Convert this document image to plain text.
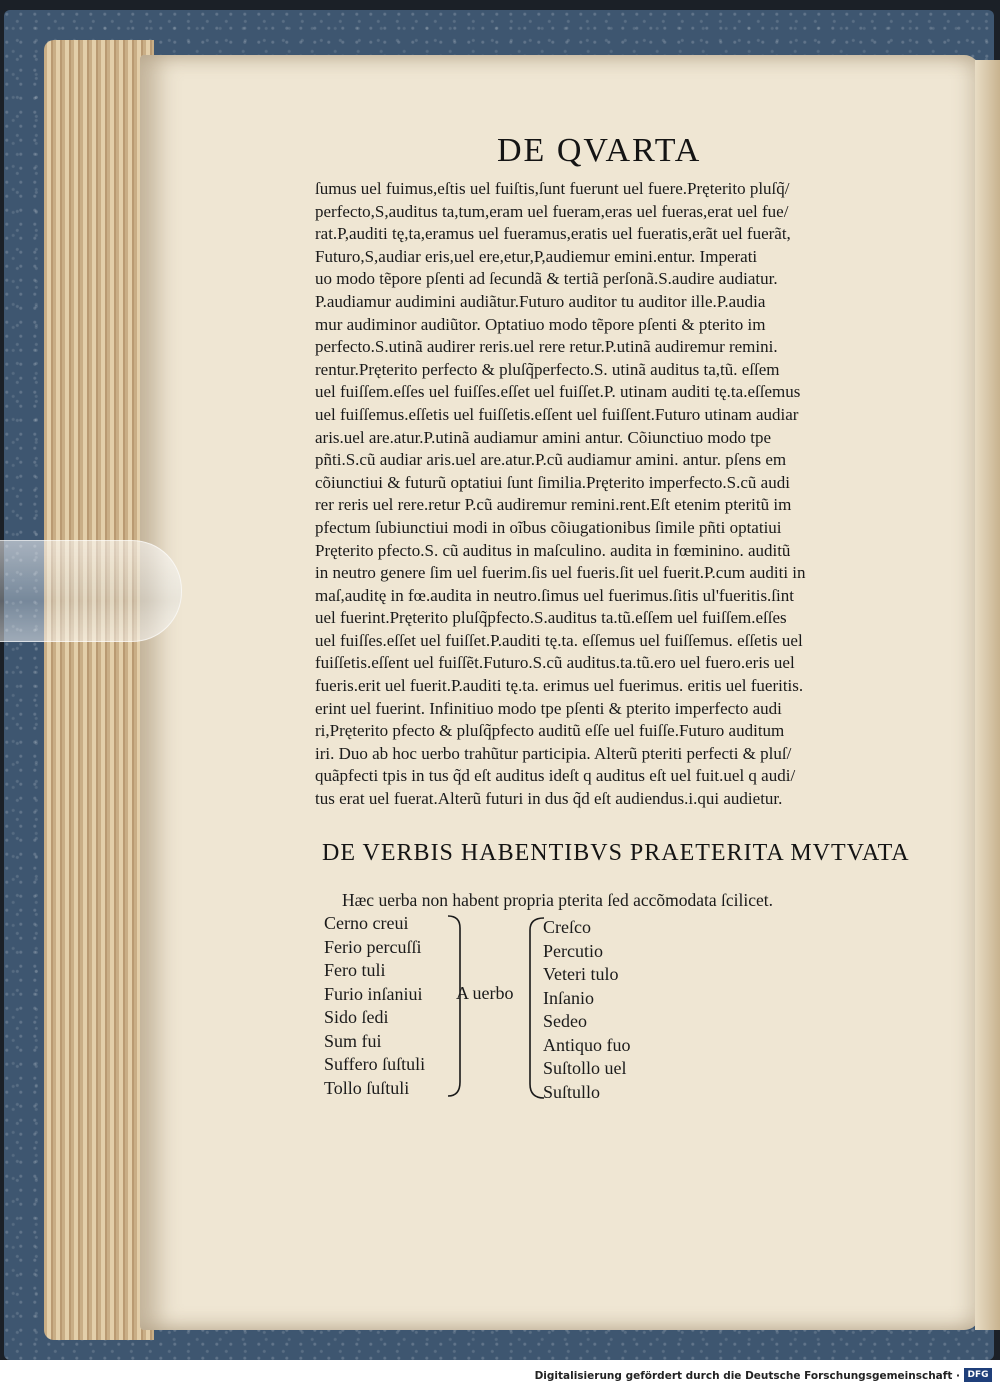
DE QVARTA
ſumus uel fuimus,eſtis uel fuiſtis,ſunt fuerunt uel fuere.Pręterito pluſq̃/
perfecto,S,auditus ta,tum,eram uel fueram,eras uel fueras,erat uel fue/
rat.P,auditi tę,ta,eramus uel fueramus,eratis uel fueratis,erãt uel fuerãt,
Futuro,S,audiar eris,uel ere,etur,P,audiemur emini.entur. Imperati
uo modo tẽpore pſenti ad ſecundã & tertiã perſonã.S.audire audiatur.
P.audiamur audimini audiãtur.Futuro auditor tu auditor ille.P.audia
mur audiminor audiũtor. Optatiuo modo tẽpore pſenti & pterito im
perfecto.S.utinã audirer reris.uel rere retur.P.utinã audiremur remini.
rentur.Pręterito perfecto & pluſq̃perfecto.S. utinã auditus ta,tũ. eſſem
uel fuiſſem.eſſes uel fuiſſes.eſſet uel fuiſſet.P. utinam auditi tę.ta.eſſemus
uel fuiſſemus.eſſetis uel fuiſſetis.eſſent uel fuiſſent.Futuro utinam audiar
aris.uel are.atur.P.utinã audiamur amini antur. Cõiunctiuo modo tpe
pñti.S.cũ audiar aris.uel are.atur.P.cũ audiamur amini. antur. pſens em
cõiunctiui & futurũ optatiui ſunt ſimilia.Pręterito imperfecto.S.cũ audi
rer reris uel rere.retur P.cũ audiremur remini.rent.Eſt etenim pteritũ im
pfectum ſubiunctiui modi in oĩbus cõiugationibus ſimile pñti optatiui
Pręterito pfecto.S. cũ auditus in maſculino. audita in fœminino. auditũ
in neutro genere ſim uel fuerim.ſis uel fueris.ſit uel fuerit.P.cum auditi in
maſ,auditę in fœ.audita in neutro.ſimus uel fuerimus.ſitis ul'fueritis.ſint
uel fuerint.Pręterito pluſq̃pfecto.S.auditus ta.tũ.eſſem uel fuiſſem.eſſes
uel fuiſſes.eſſet uel fuiſſet.P.auditi tę.ta. eſſemus uel fuiſſemus. eſſetis uel
fuiſſetis.eſſent uel fuiſſẽt.Futuro.S.cũ auditus.ta.tũ.ero uel fuero.eris uel
fueris.erit uel fuerit.P.auditi tę.ta. erimus uel fuerimus. eritis uel fueritis.
erint uel fuerint. Infinitiuo modo tpe pſenti & pterito imperfecto audi
ri,Pręterito pfecto & pluſq̃pfecto auditũ eſſe uel fuiſſe.Futuro auditum
iri. Duo ab hoc uerbo trahũtur participia. Alterũ pteriti perfecti & pluſ/
quãpfecti tpis in tus q̃d eſt auditus ideſt q auditus eſt uel fuit.uel q audi/
tus erat uel fuerat.Alterũ futuri in dus q̃d eſt audiendus.i.qui audietur.
DE VERBIS HABENTIBVS PRAETERITA MVTVATA
Hæc uerba non habent propria pterita ſed accõmodata ſcilicet.
Cerno creui
Ferio percuſſi
Fero tuli
Furio inſaniui
Sido ſedi
Sum fui
Suffero ſuſtuli
Tollo ſuſtuli
A uerbo
Creſco
Percutio
Veteri tulo
Inſanio
Sedeo
Antiquo fuo
Suſtollo uel
Suſtullo
Digitalisierung gefördert durch die Deutsche Forschungsgemeinschaft · DFG
